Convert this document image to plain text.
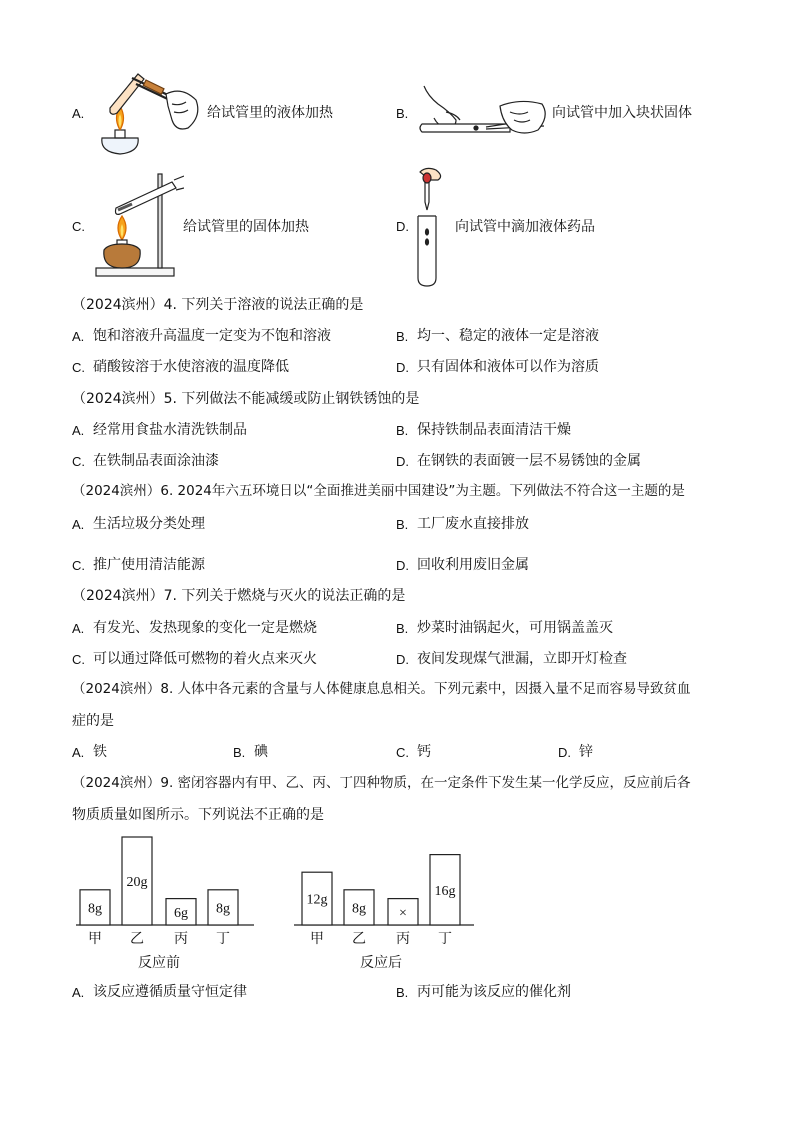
A.	给试管里的液体加热	B.	向试管中加入块状固体
C.	给试管里的固体加热	D.	向试管中滴加液体药品
（2024滨州）4. 下列关于溶液的说法正确的是
A. 饱和溶液升高温度一定变为不饱和溶液	B. 均一、稳定的液体一定是溶液
C. 硝酸铵溶于水使溶液的温度降低	D. 只有固体和液体可以作为溶质
（2024滨州）5. 下列做法不能减缓或防止钢铁锈蚀的是
A. 经常用食盐水清洗铁制品	B. 保持铁制品表面清洁干燥
C. 在铁制品表面涂油漆	D. 在钢铁的表面镀一层不易锈蚀的金属
（2024滨州）6. 2024年六五环境日以“全面推进美丽中国建设”为主题。下列做法不符合这一主题的是
A. 生活垃圾分类处理	B. 工厂废水直接排放
C. 推广使用清洁能源	D. 回收利用废旧金属
（2024滨州）7. 下列关于燃烧与灭火的说法正确的是
A. 有发光、发热现象的变化一定是燃烧	B. 炒菜时油锅起火，可用锅盖盖灭
C. 可以通过降低可燃物的着火点来灭火	D. 夜间发现煤气泄漏，立即开灯检查
（2024滨州）8. 人体中各元素的含量与人体健康息息相关。下列元素中，因摄入量不足而容易导致贫血
症的是
A. 铁	B. 碘	C. 钙	D. 锌
（2024滨州）9. 密闭容器内有甲、乙、丙、丁四种物质，在一定条件下发生某一化学反应，反应前后各
物质质量如图所示。下列说法不正确的是
8g
甲
20g
乙
6g
丙
8g
丁
反应前
12g
甲
8g
乙
×
丙
16g
丁
反应后
A. 该反应遵循质量守恒定律	B. 丙可能为该反应的催化剂
